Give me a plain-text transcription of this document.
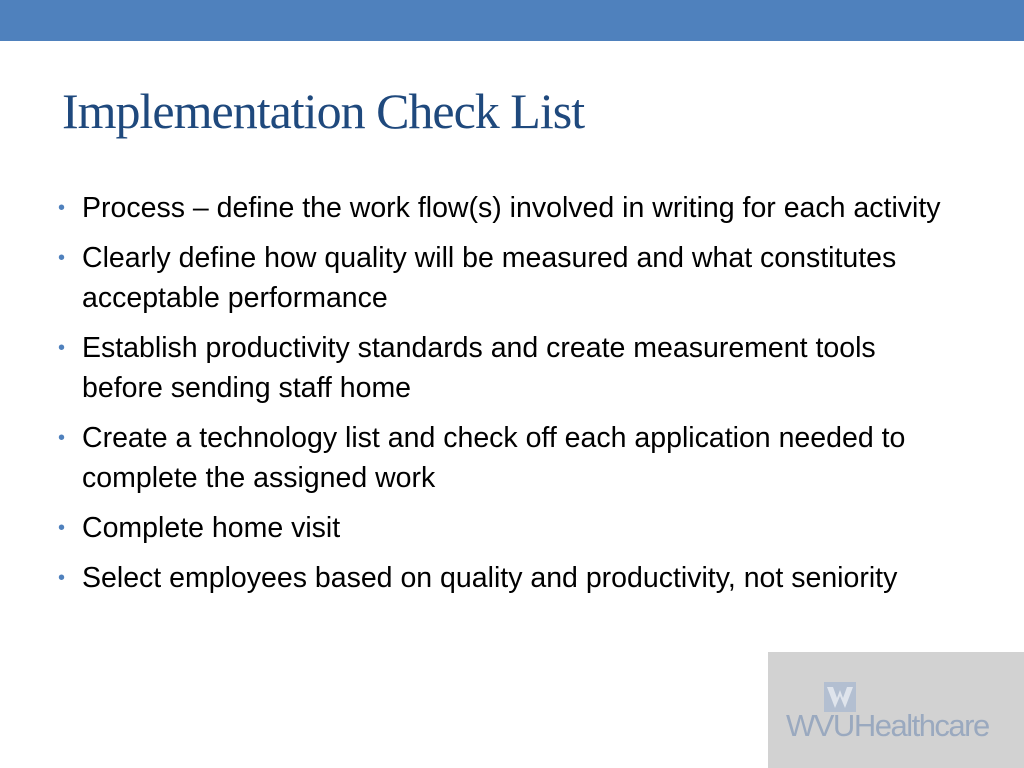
Implementation Check List
• Process – define the work flow(s) involved in writing for each activity
• Clearly define how quality will be measured and what constitutes acceptable performance
• Establish productivity standards and create measurement tools before sending staff home
• Create a technology list and check off each application needed to complete the assigned work
• Complete home visit
• Select employees based on quality and productivity, not seniority
WVUHealthcare
